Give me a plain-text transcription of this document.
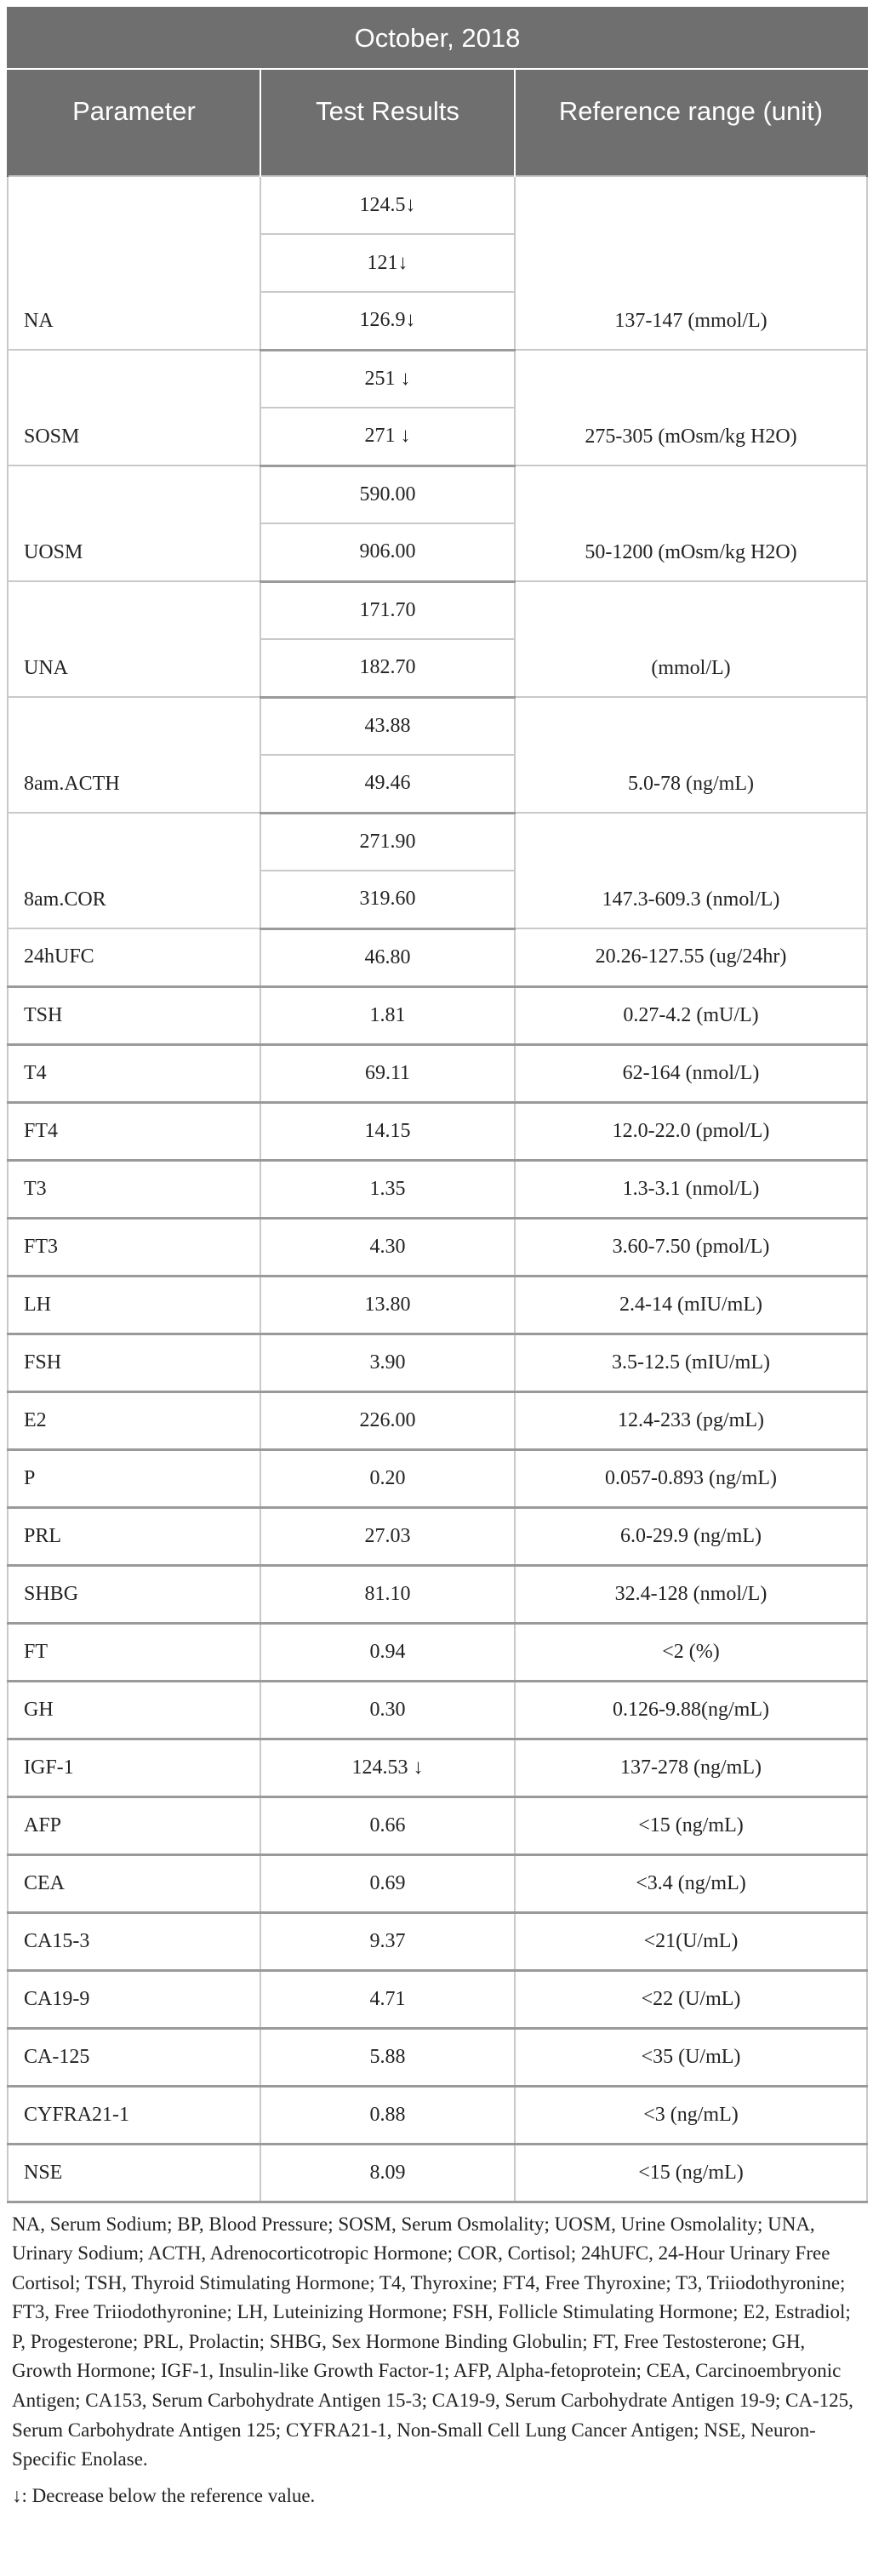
October, 2018		
Parameter	Test Results	Reference range (unit)
NA	124.5↓	137-147 (mmol/L)
	121↓	
	126.9↓	
SOSM	251 ↓	275-305 (mOsm/kg H2O)
	271 ↓	
UOSM	590.00	50-1200 (mOsm/kg H2O)
	906.00	
UNA	171.70	(mmol/L)
	182.70	
8am.ACTH	43.88	5.0-78 (ng/mL)
	49.46	
8am.COR	271.90	147.3-609.3 (nmol/L)
	319.60	
24hUFC	46.80	20.26-127.55 (ug/24hr)
TSH	1.81	0.27-4.2 (mU/L)
T4	69.11	62-164 (nmol/L)
FT4	14.15	12.0-22.0 (pmol/L)
T3	1.35	1.3-3.1 (nmol/L)
FT3	4.30	3.60-7.50 (pmol/L)
LH	13.80	2.4-14 (mIU/mL)
FSH	3.90	3.5-12.5 (mIU/mL)
E2	226.00	12.4-233 (pg/mL)
P	0.20	0.057-0.893 (ng/mL)
PRL	27.03	6.0-29.9 (ng/mL)
SHBG	81.10	32.4-128 (nmol/L)
FT	0.94	<2 (%)
GH	0.30	0.126-9.88(ng/mL)
IGF-1	124.53 ↓	137-278 (ng/mL)
AFP	0.66	<15 (ng/mL)
CEA	0.69	<3.4 (ng/mL)
CA15-3	9.37	<21(U/mL)
CA19-9	4.71	<22 (U/mL)
CA-125	5.88	<35 (U/mL)
CYFRA21-1	0.88	<3 (ng/mL)
NSE	8.09	<15 (ng/mL)
NA, Serum Sodium; BP, Blood Pressure; SOSM, Serum Osmolality; UOSM, Urine Osmolality; UNA, Urinary Sodium; ACTH, Adrenocorticotropic Hormone; COR, Cortisol; 24hUFC, 24-Hour Urinary Free Cortisol; TSH, Thyroid Stimulating Hormone; T4, Thyroxine; FT4, Free Thyroxine; T3, Triiodothyronine; FT3, Free Triiodothyronine; LH, Luteinizing Hormone; FSH, Follicle Stimulating Hormone; E2, Estradiol; P, Progesterone; PRL, Prolactin; SHBG, Sex Hormone Binding Globulin; FT, Free Testosterone; GH, Growth Hormone; IGF-1, Insulin-like Growth Factor-1; AFP, Alpha-fetoprotein; CEA, Carcinoembryonic Antigen; CA153, Serum Carbohydrate Antigen 15-3; CA19-9, Serum Carbohydrate Antigen 19-9; CA-125, Serum Carbohydrate Antigen 125; CYFRA21-1, Non-Small Cell Lung Cancer Antigen; NSE, Neuron-Specific Enolase.
↓: Decrease below the reference value.
